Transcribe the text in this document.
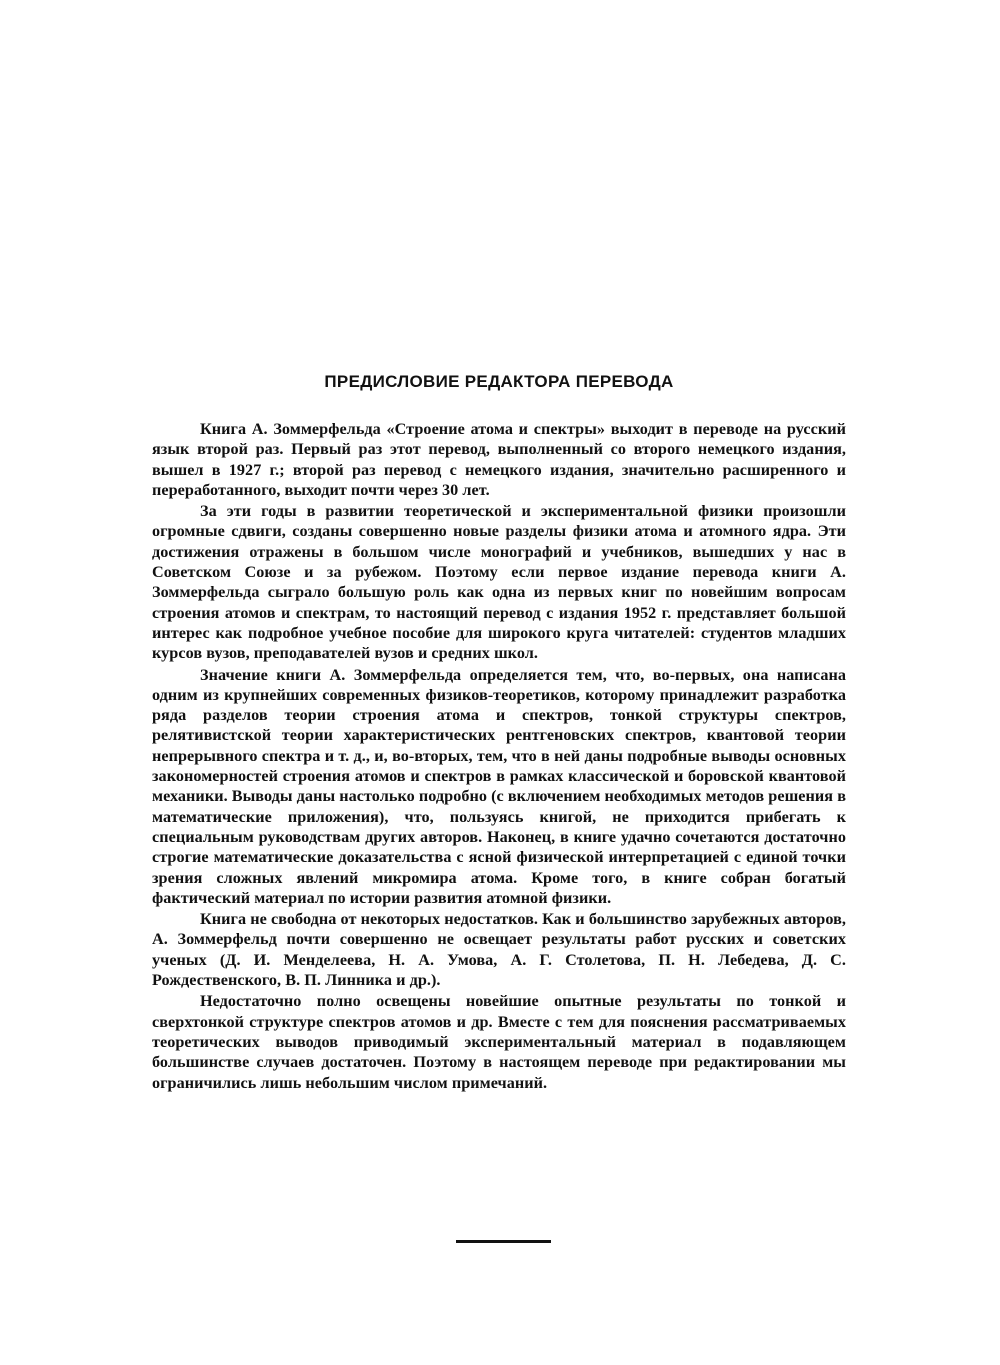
ПРЕДИСЛОВИЕ РЕДАКТОРА ПЕРЕВОДА

Книга А. Зоммерфельда «Строение атома и спектры» выходит в переводе на русский язык второй раз. Первый раз этот перевод, выполненный со второго немецкого издания, вышел в 1927 г.; второй раз перевод с немецкого издания, значительно расширенного и переработанного, выходит почти через 30 лет.

За эти годы в развитии теоретической и экспериментальной физики произошли огромные сдвиги, созданы совершенно новые разделы физики атома и атомного ядра. Эти достижения отражены в большом числе монографий и учебников, вышедших у нас в Советском Союзе и за рубежом. Поэтому если первое издание перевода книги А. Зоммерфельда сыграло большую роль как одна из первых книг по новейшим вопросам строения атомов и спектрам, то настоящий перевод с издания 1952 г. представляет большой интерес как подробное учебное пособие для широкого круга читателей: студентов младших курсов вузов, преподавателей вузов и средних школ.

Значение книги А. Зоммерфельда определяется тем, что, во-первых, она написана одним из крупнейших современных физиков-теоретиков, которому принадлежит разработка ряда разделов теории строения атома и спектров, тонкой структуры спектров, релятивистской теории характеристических рентгеновских спектров, квантовой теории непрерывного спектра и т. д., и, во-вторых, тем, что в ней даны подробные выводы основных закономерностей строения атомов и спектров в рамках классической и боровской квантовой механики. Выводы даны настолько подробно (с включением необходимых методов решения в математические приложения), что, пользуясь книгой, не приходится прибегать к специальным руководствам других авторов. Наконец, в книге удачно сочетаются достаточно строгие математические доказательства с ясной физической интерпретацией с единой точки зрения сложных явлений микромира атома. Кроме того, в книге собран богатый фактический материал по истории развития атомной физики.

Книга не свободна от некоторых недостатков. Как и большинство зарубежных авторов, А. Зоммерфельд почти совершенно не освещает результаты работ русских и советских ученых (Д. И. Менделеева, Н. А. Умова, А. Г. Столетова, П. Н. Лебедева, Д. С. Рождественского, В. П. Линника и др.).

Недостаточно полно освещены новейшие опытные результаты по тонкой и сверхтонкой структуре спектров атомов и др. Вместе с тем для пояснения рассматриваемых теоретических выводов приводимый экспериментальный материал в подавляющем большинстве случаев достаточен. Поэтому в настоящем переводе при редактировании мы ограничились лишь небольшим числом примечаний.
